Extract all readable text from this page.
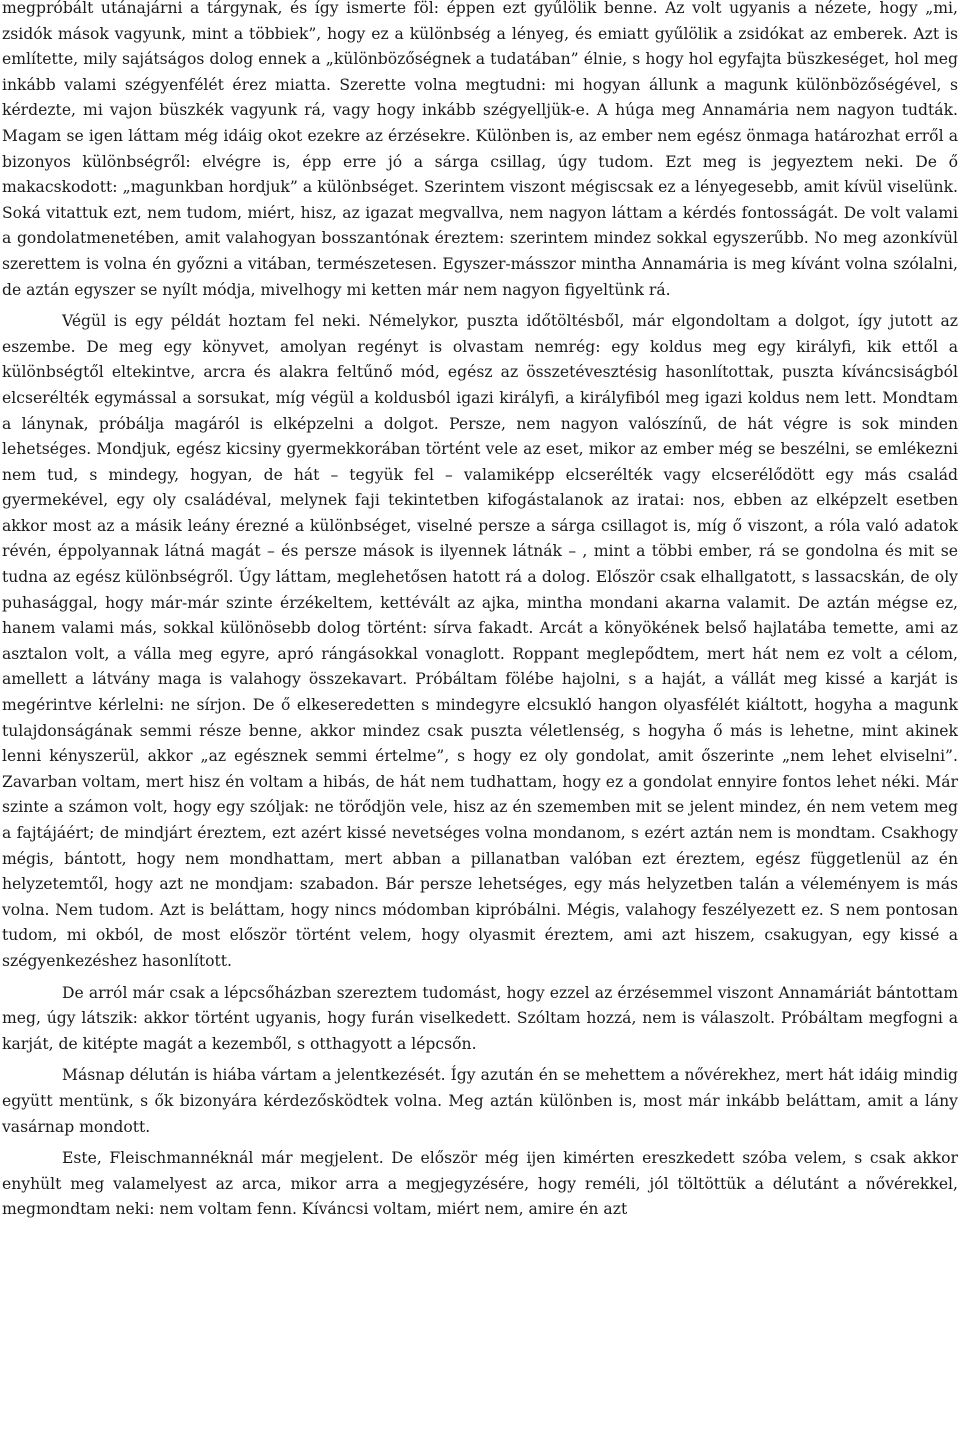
megpróbált utánajárni a tárgynak, és így ismerte föl: éppen ezt gyűlölik benne. Az volt ugyanis a nézete, hogy „mi, zsidók mások vagyunk, mint a többiek”, hogy ez a különbség a lényeg, és emiatt gyűlölik a zsidókat az emberek. Azt is említette, mily sajátságos dolog ennek a „különbözőségnek a tudatában” élnie, s hogy hol egyfajta büszkeséget, hol meg inkább valami szégyenfélét érez miatta. Szerette volna megtudni: mi hogyan állunk a magunk különbözőségével, s kérdezte, mi vajon büszkék vagyunk rá, vagy hogy inkább szégyelljük-e. A húga meg Annamária nem nagyon tudták. Magam se igen láttam még idáig okot ezekre az érzésekre. Különben is, az ember nem egész önmaga határozhat erről a bizonyos különbségről: elvégre is, épp erre jó a sárga csillag, úgy tudom. Ezt meg is jegyeztem neki. De ő makacskodott: „magunkban hordjuk” a különbséget. Szerintem viszont mégiscsak ez a lényegesebb, amit kívül viselünk. Soká vitattuk ezt, nem tudom, miért, hisz, az igazat megvallva, nem nagyon láttam a kérdés fontosságát. De volt valami a gondolatmenetében, amit valahogyan bosszantónak éreztem: szerintem mindez sokkal egyszerűbb. No meg azonkívül szerettem is volna én győzni a vitában, természetesen. Egyszer-másszor mintha Annamária is meg kívánt volna szólalni, de aztán egyszer se nyílt módja, mivelhogy mi ketten már nem nagyon figyeltünk rá.

Végül is egy példát hoztam fel neki. Némelykor, puszta időtöltésből, már elgondoltam a dolgot, így jutott az eszembe. De meg egy könyvet, amolyan regényt is olvastam nemrég: egy koldus meg egy királyfi, kik ettől a különbségtől eltekintve, arcra és alakra feltűnő mód, egész az összetévesztésig hasonlítottak, puszta kíváncsiságból elcserélték egymással a sorsukat, míg végül a koldusból igazi királyfi, a királyfiból meg igazi koldus nem lett. Mondtam a lánynak, próbálja magáról is elképzelni a dolgot. Persze, nem nagyon valószínű, de hát végre is sok minden lehetséges. Mondjuk, egész kicsiny gyermekkorában történt vele az eset, mikor az ember még se beszélni, se emlékezni nem tud, s mindegy, hogyan, de hát – tegyük fel – valamiképp elcserélték vagy elcserélődött egy más család gyermekével, egy oly családéval, melynek faji tekintetben kifogástalanok az iratai: nos, ebben az elképzelt esetben akkor most az a másik leány érezné a különbséget, viselné persze a sárga csillagot is, míg ő viszont, a róla való adatok révén, éppolyannak látná magát – és persze mások is ilyennek látnák – , mint a többi ember, rá se gondolna és mit se tudna az egész különbségről. Úgy láttam, meglehetősen hatott rá a dolog. Először csak elhallgatott, s lassacskán, de oly puhasággal, hogy már-már szinte érzékeltem, kettévált az ajka, mintha mondani akarna valamit. De aztán mégse ez, hanem valami más, sokkal különösebb dolog történt: sírva fakadt. Arcát a könyökének belső hajlatába temette, ami az asztalon volt, a válla meg egyre, apró rángásokkal vonaglott. Roppant meglepődtem, mert hát nem ez volt a célom, amellett a látvány maga is valahogy összekavart. Próbáltam fölébe hajolni, s a haját, a vállát meg kissé a karját is megérintve kérlelni: ne sírjon. De ő elkeseredetten s mindegyre elcsukló hangon olyasfélét kiáltott, hogyha a magunk tulajdonságának semmi része benne, akkor mindez csak puszta véletlenség, s hogyha ő más is lehetne, mint akinek lenni kényszerül, akkor „az egésznek semmi értelme”, s hogy ez oly gondolat, amit őszerinte „nem lehet elviselni”. Zavarban voltam, mert hisz én voltam a hibás, de hát nem tudhattam, hogy ez a gondolat ennyire fontos lehet néki. Már szinte a számon volt, hogy egy szóljak: ne törődjön vele, hisz az én szememben mit se jelent mindez, én nem vetem meg a fajtájáért; de mindjárt éreztem, ezt azért kissé nevetséges volna mondanom, s ezért aztán nem is mondtam. Csakhogy mégis, bántott, hogy nem mondhattam, mert abban a pillanatban valóban ezt éreztem, egész függetlenül az én helyzetemtől, hogy azt ne mondjam: szabadon. Bár persze lehetséges, egy más helyzetben talán a véleményem is más volna. Nem tudom. Azt is beláttam, hogy nincs módomban kipróbálni. Mégis, valahogy feszélyezett ez. S nem pontosan tudom, mi okból, de most először történt velem, hogy olyasmit éreztem, ami azt hiszem, csakugyan, egy kissé a szégyenkezéshez hasonlított.

De arról már csak a lépcsőházban szereztem tudomást, hogy ezzel az érzésemmel viszont Annamáriát bántottam meg, úgy látszik: akkor történt ugyanis, hogy furán viselkedett. Szóltam hozzá, nem is válaszolt. Próbáltam megfogni a karját, de kitépte magát a kezemből, s otthagyott a lépcsőn.

Másnap délután is hiába vártam a jelentkezését. Így azután én se mehettem a nővérekhez, mert hát idáig mindig együtt mentünk, s ők bizonyára kérdezősködtek volna. Meg aztán különben is, most már inkább beláttam, amit a lány vasárnap mondott.

Este, Fleischmannéknál már megjelent. De először még ijen kimérten ereszkedett szóba velem, s csak akkor enyhült meg valamelyest az arca, mikor arra a megjegyzésére, hogy reméli, jól töltöttük a délutánt a nővérekkel, megmondtam neki: nem voltam fenn. Kíváncsi voltam, miért nem, amire én azt
